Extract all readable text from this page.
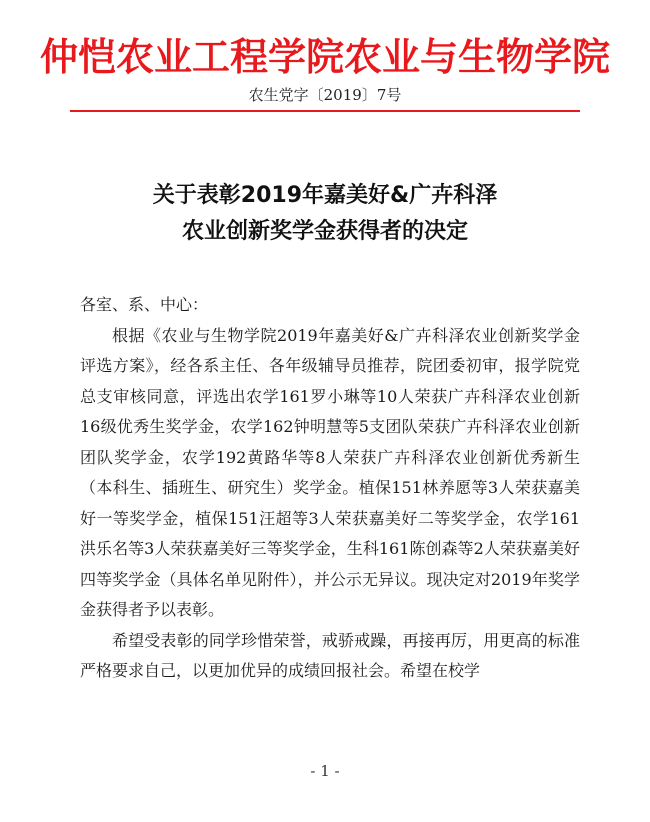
仲恺农业工程学院农业与生物学院
农生党字〔2019〕7号
关于表彰2019年嘉美好&广卉科泽
农业创新奖学金获得者的决定

各室、系、中心：

根据《农业与生物学院2019年嘉美好&广卉科泽农业创新奖学金评选方案》，经各系主任、各年级辅导员推荐，院团委初审，报学院党总支审核同意，评选出农学161罗小琳等10人荣获广卉科泽农业创新16级优秀生奖学金，农学162钟明慧等5支团队荣获广卉科泽农业创新团队奖学金，农学192黄路华等8人荣获广卉科泽农业创新优秀新生（本科生、插班生、研究生）奖学金。植保151林养愿等3人荣获嘉美好一等奖学金，植保151汪超等3人荣获嘉美好二等奖学金，农学161洪乐名等3人荣获嘉美好三等奖学金，生科161陈创森等2人荣获嘉美好四等奖学金（具体名单见附件），并公示无异议。现决定对2019年奖学金获得者予以表彰。

希望受表彰的同学珍惜荣誉，戒骄戒躁，再接再厉，用更高的标准严格要求自己，以更加优异的成绩回报社会。希望在校学

- 1 -
